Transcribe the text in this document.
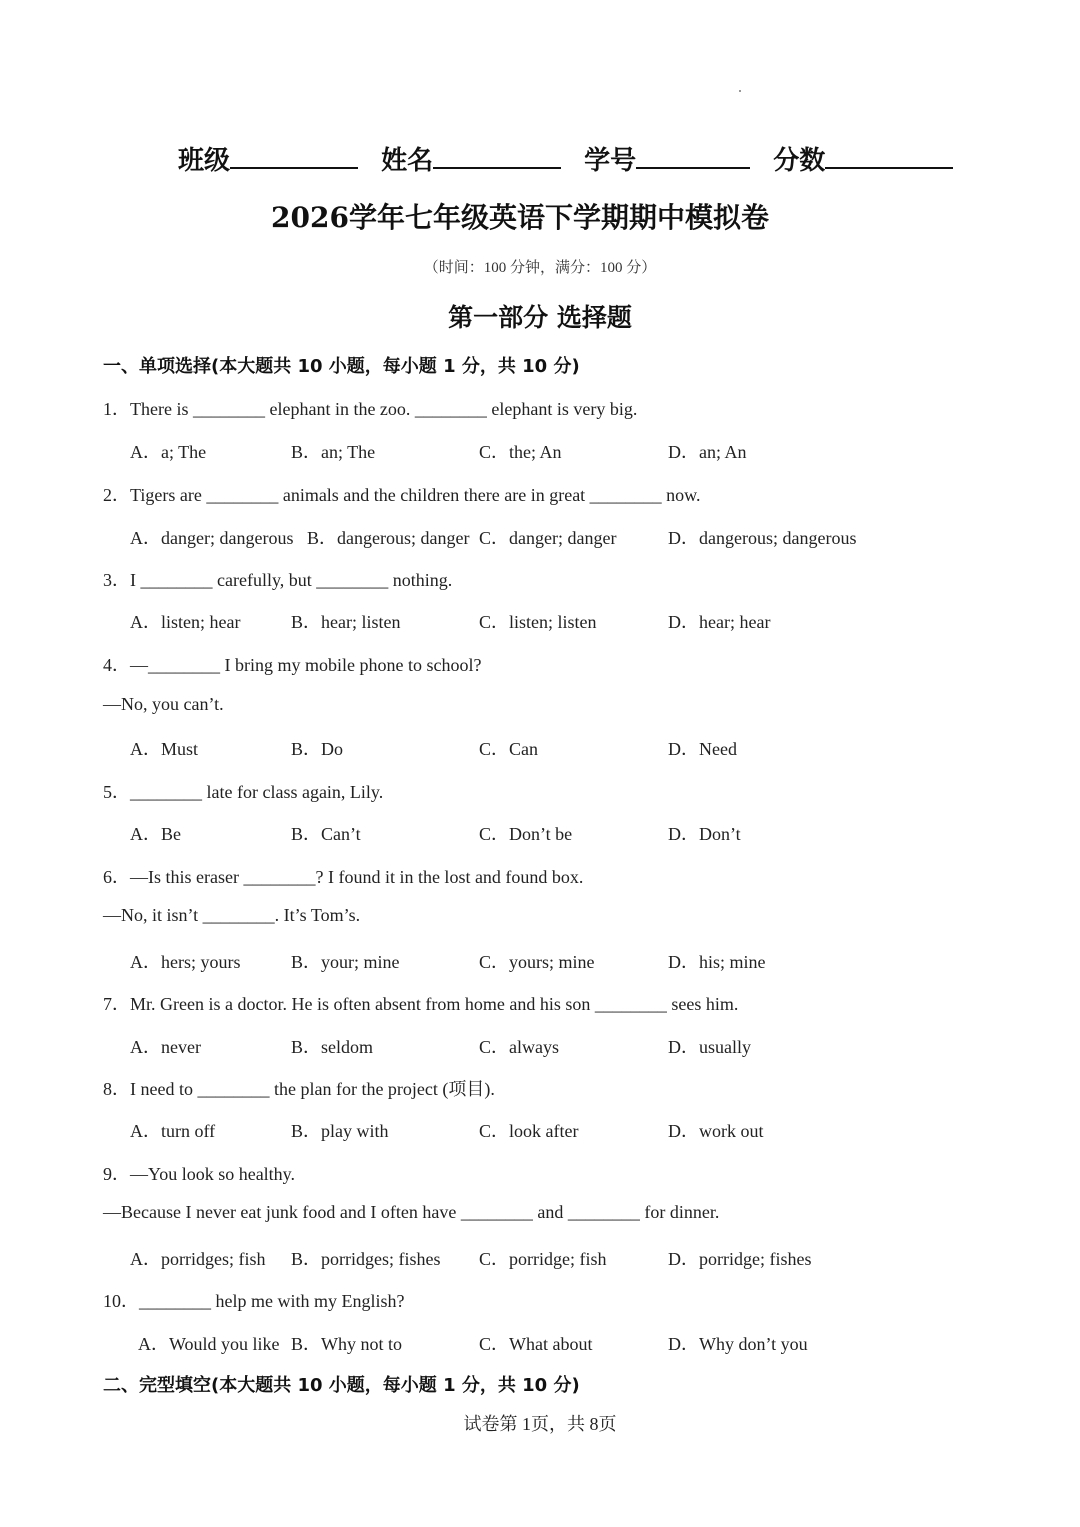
班级	姓名	学号	分数
2026学年七年级英语下学期期中模拟卷
（时间：100 分钟，满分：100 分）
第一部分 选择题
一、单项选择(本大题共 10 小题，每小题 1 分，共 10 分)
1．There is ________ elephant in the zoo. ________ elephant is very big.
A．a; The	B．an; The	C．the; An	D．an; An
2．Tigers are ________ animals and the children there are in great ________ now.
A．danger; dangerous B．dangerous; danger C．danger; danger	D．dangerous; dangerous
3．I ________ carefully, but ________ nothing.
A．listen; hear	B．hear; listen	C．listen; listen	D．hear; hear
4．—________ I bring my mobile phone to school?
—No, you can’t.
A．Must	B．Do	C．Can	D．Need
5．________ late for class again, Lily.
A．Be	B．Can’t	C．Don’t be	D．Don’t
6．—Is this eraser ________? I found it in the lost and found box.
—No, it isn’t ________. It’s Tom’s.
A．hers; yours	B．your; mine	C．yours; mine	D．his; mine
7．Mr. Green is a doctor. He is often absent from home and his son ________ sees him.
A．never	B．seldom	C．always	D．usually
8．I need to ________ the plan for the project (项目).
A．turn off	B．play with	C．look after	D．work out
9．—You look so healthy.
—Because I never eat junk food and I often have ________ and ________ for dinner.
A．porridges; fish B．porridges; fishes C．porridge; fish	D．porridge; fishes
10．________ help me with my English?
A．Would you like B．Why not to	C．What about	D．Why don’t you
二、完型填空(本大题共 10 小题，每小题 1 分，共 10 分)
试卷第 1页，共 8页
